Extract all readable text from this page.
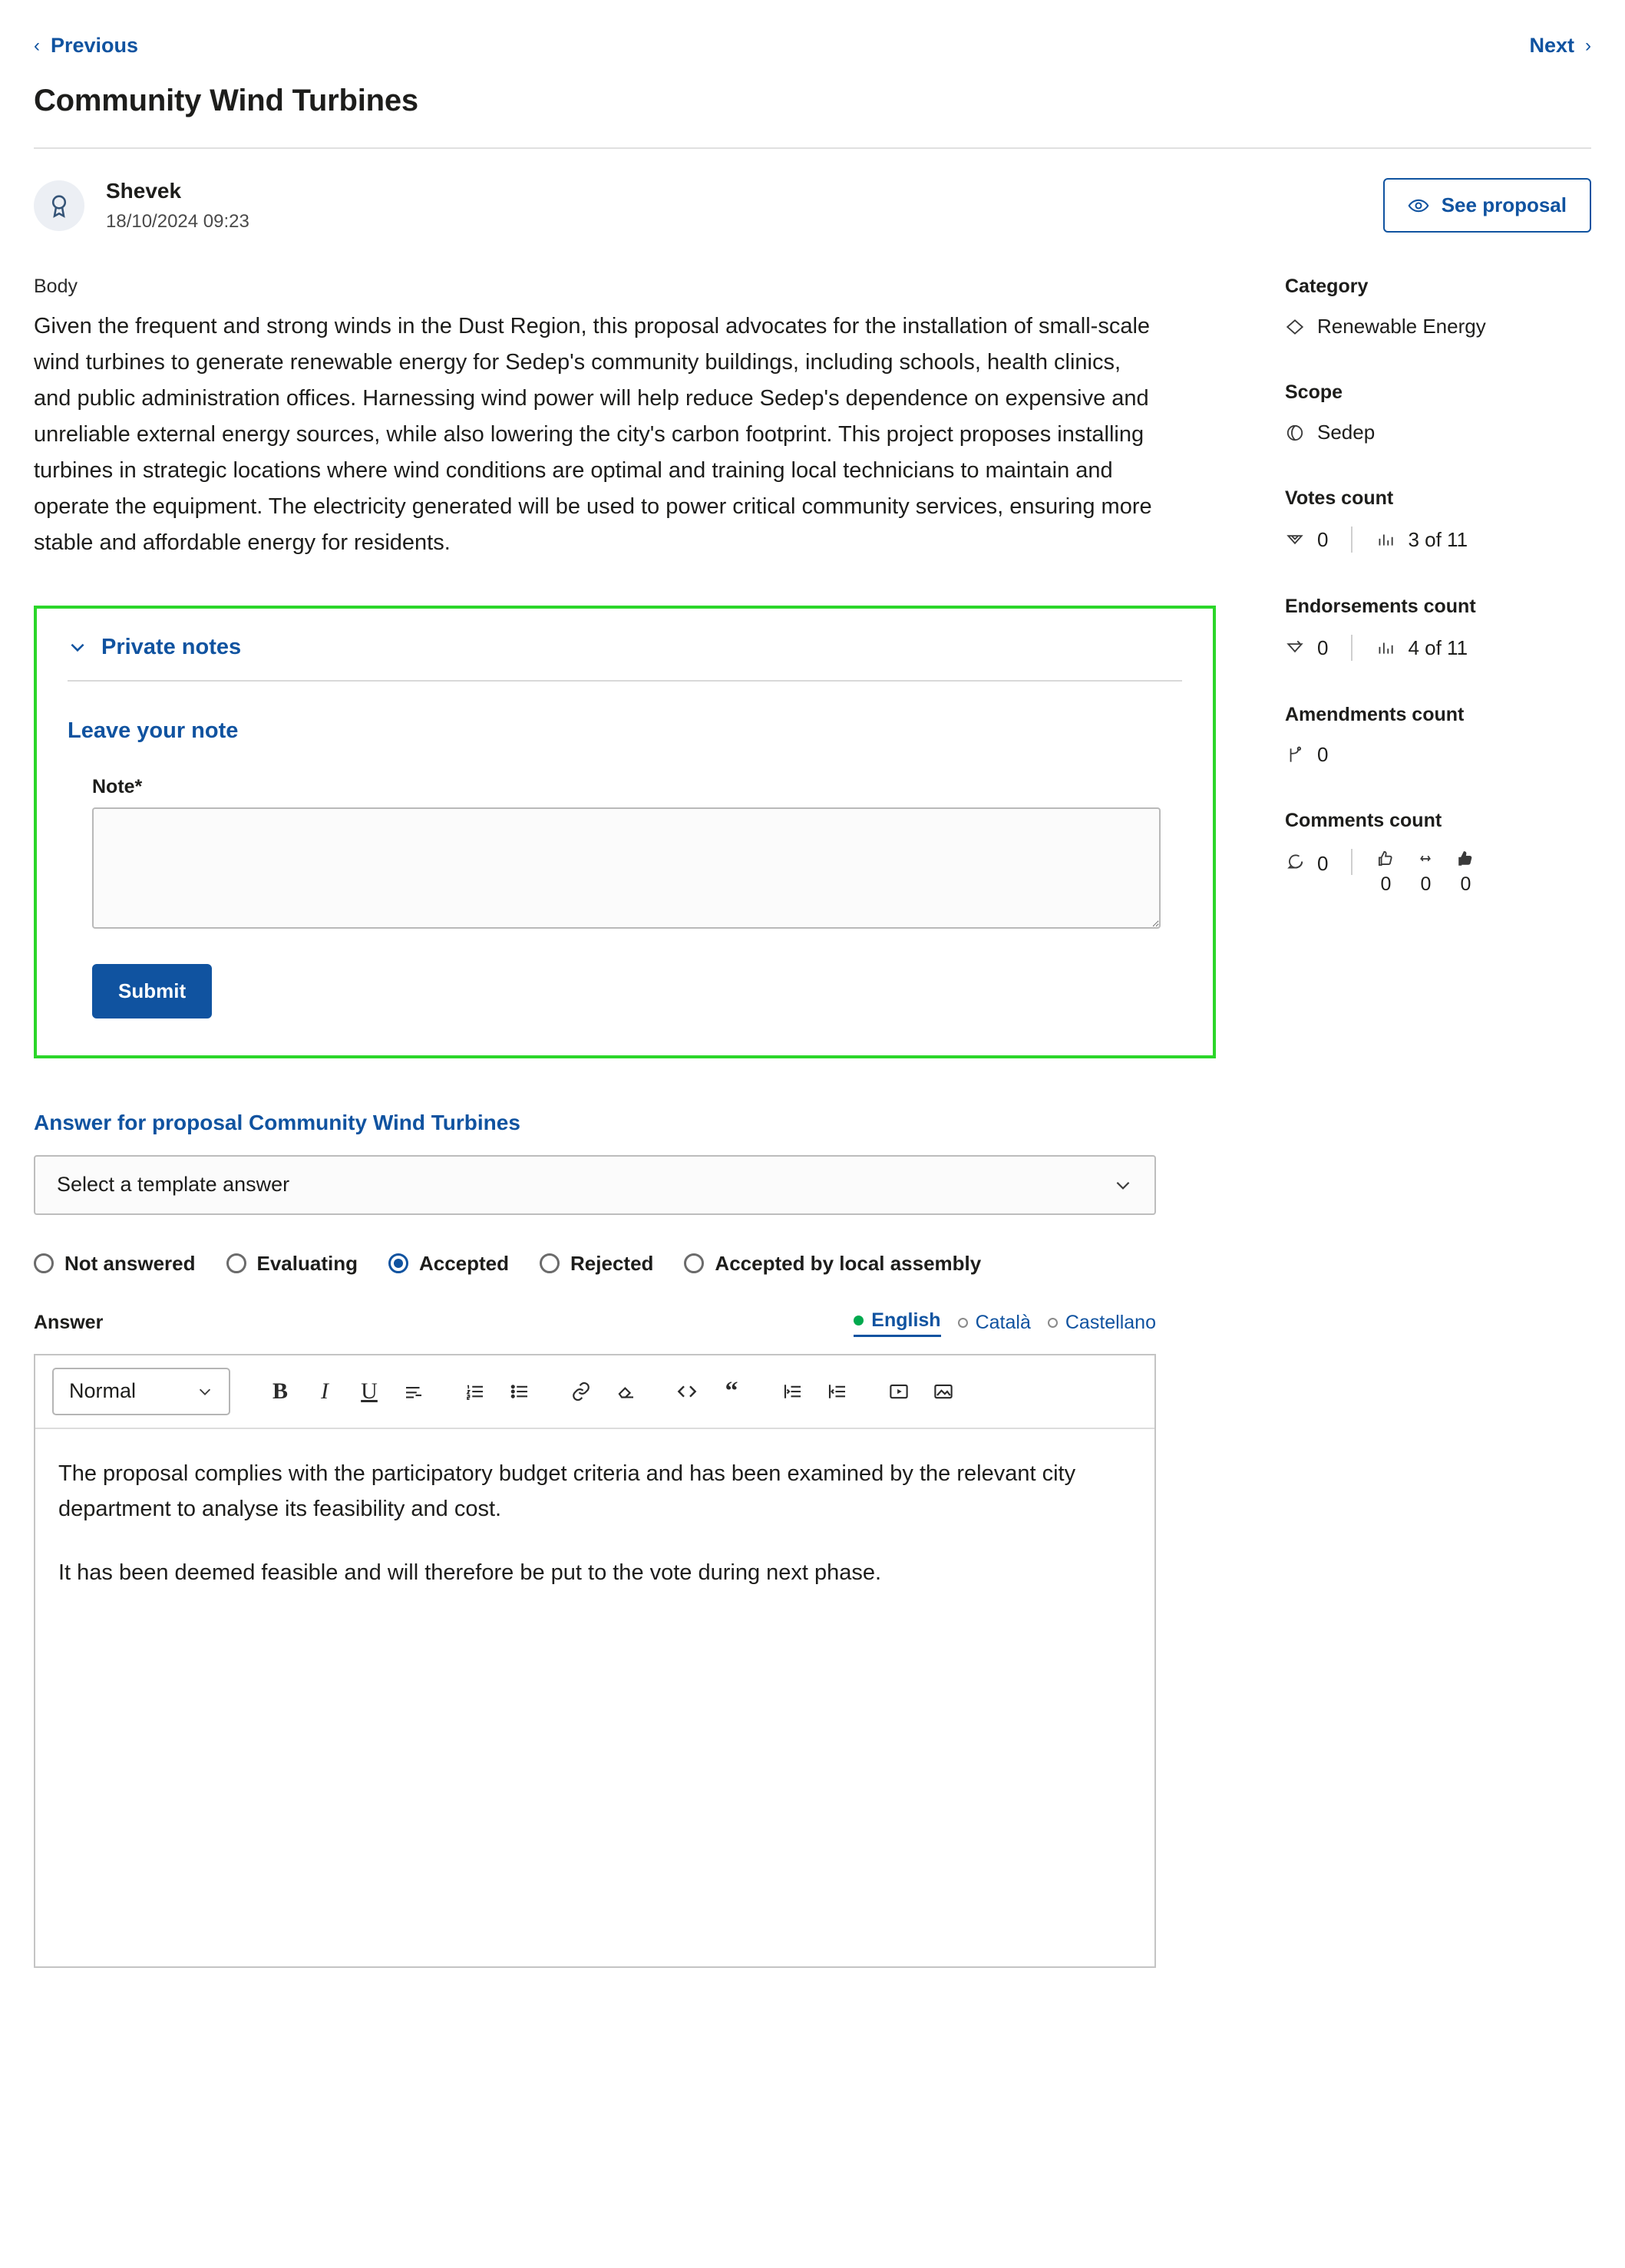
‹ Previous	Next ›
Community Wind Turbines
Shevek
18/10/2024 09:23
See proposal
Body
Given the frequent and strong winds in the Dust Region, this proposal advocates for the installation of small-scale wind turbines to generate renewable energy for Sedep's community buildings, including schools, health clinics, and public administration offices. Harnessing wind power will help reduce Sedep's dependence on expensive and unreliable external energy sources, while also lowering the city's carbon footprint. This project proposes installing turbines in strategic locations where wind conditions are optimal and training local technicians to maintain and operate the equipment. The electricity generated will be used to power critical community services, ensuring more stable and affordable energy for residents.
Private notes
Leave your note
Note*
Submit
Answer for proposal Community Wind Turbines
Select a template answer
Not answered	Evaluating	Accepted	Rejected	Accepted by local assembly
Answer	English Català Castellano
Normal	B I U	“

The proposal complies with the participatory budget criteria and has been examined by the relevant city department to analyse its feasibility and cost.

It has been deemed feasible and will therefore be put to the vote during next phase.

Category
Renewable Energy
Scope
Sedep
Votes count
0	3 of 11
Endorsements count
0	4 of 11
Amendments count
0
Comments count
0
0 0 0
